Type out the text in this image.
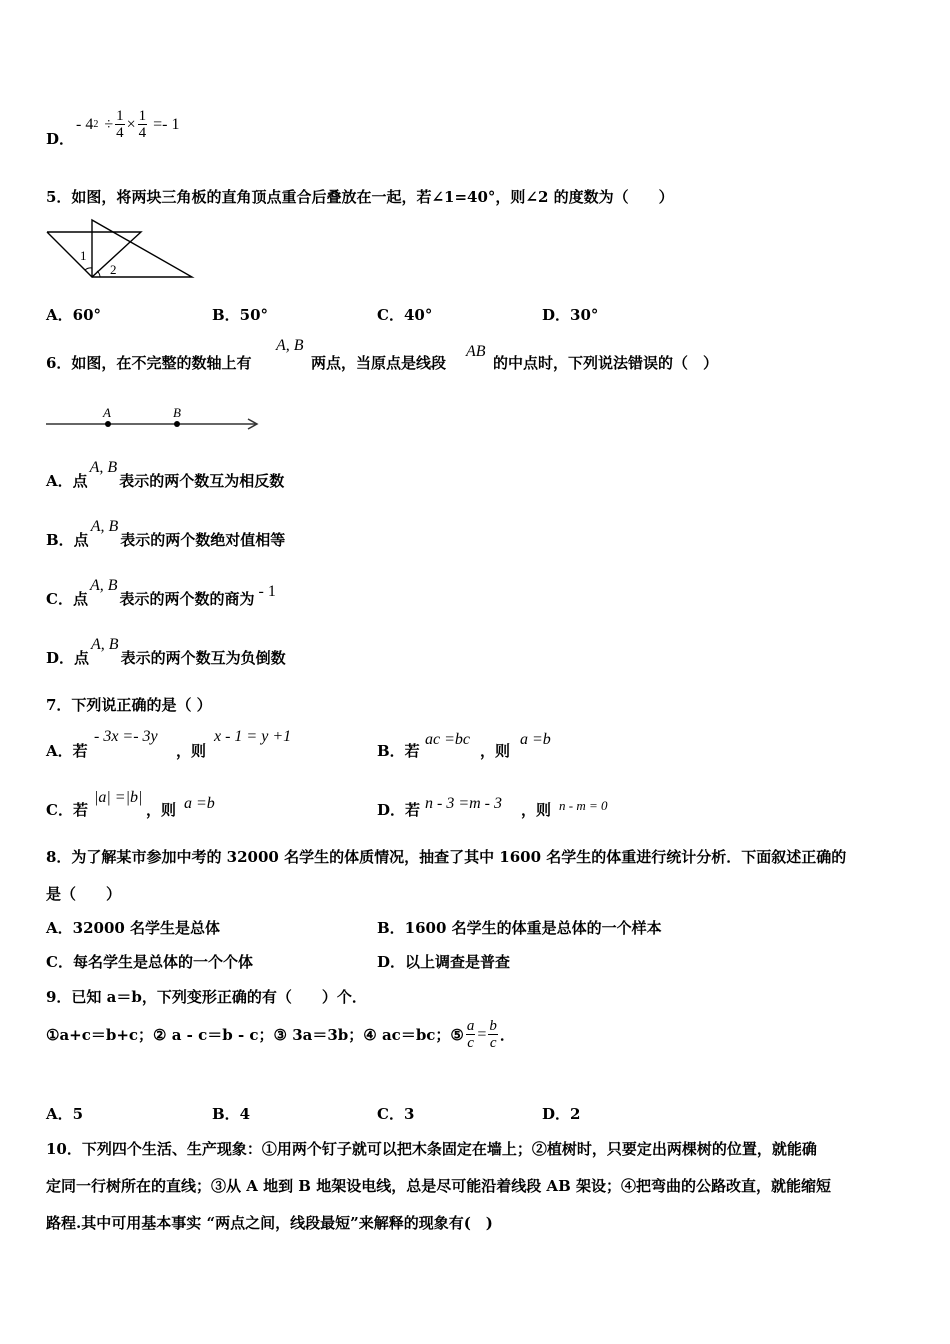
D．
- 4 $2 \div \frac{1}{4} \times \frac{1}{4} =- 1$
5．如图，将两块三角板的直角顶点重合后叠放在一起，若∠1=40°，则∠2 的度数为（　　）
1
2
A．60°	B．50°	C．40°	D．30°
6．如图，在不完整的数轴上有
A, B
两点，当原点是线段
AB
的中点时，下列说法错误的（　）
A	B
A．点A, B表示的两个数互为相反数
B．点A, B表示的两个数绝对值相等
C．点A, B表示的两个数的商为 - 1
D．点A, B表示的两个数互为负倒数
7．下列说正确的是（ ）
A．若
- 3x =- 3y
，则
x - 1 = y +1
B．若
ac =bc
，则
a =b
C．若
|a| =|b|
，则 a =b	D．若 n - 3 =m - 3 ，则 n - m = 0
8．为了解某市参加中考的 32000 名学生的体质情况，抽查了其中 1600 名学生的体重进行统计分析．下面叙述正确的
是（　　）
A．32000 名学生是总体	B．1600 名学生的体重是总体的一个样本
C．每名学生是总体的一个个体	D．以上调查是普查
9．已知 a＝b，下列变形正确的有（　　）个．
①a+c＝b+c；② a - c＝b - c；③ 3a＝3b；④ ac＝bc；⑤ $\frac{a}{c} = \frac{b}{c}$ ．
A．5	B．4	C．3	D．2
10．下列四个生活、生产现象：①用两个钉子就可以把木条固定在墙上；②植树时，只要定出两棵树的位置，就能确
定同一行树所在的直线；③从 A 地到 B 地架设电线，总是尽可能沿着线段 AB 架设；④把弯曲的公路改直，就能缩短
路程.其中可用基本事实 “两点之间，线段最短”来解释的现象有(　)
